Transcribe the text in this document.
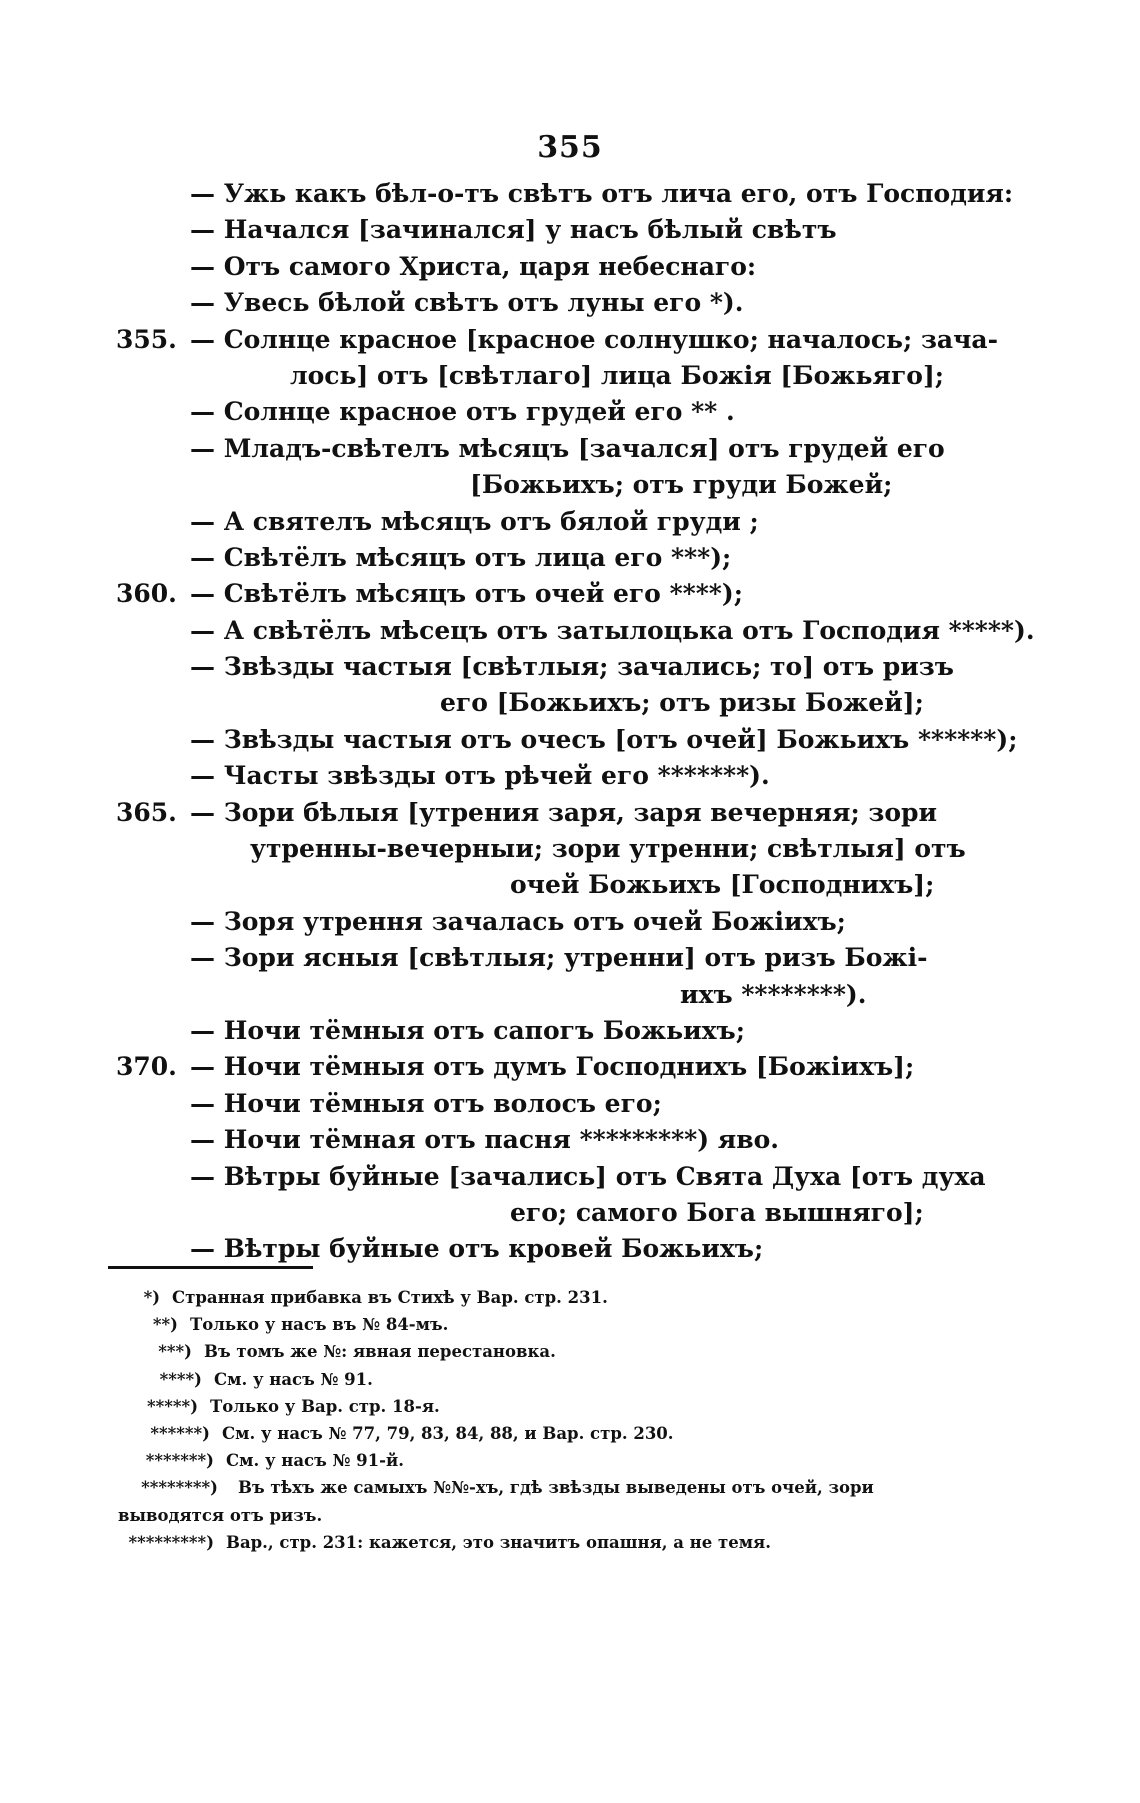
355
— Ужь какъ бѣл-о-тъ свѣтъ отъ лича его, отъ Господия:
— Начался [зачинался] у насъ бѣлый свѣтъ
— Отъ самого Христа, царя небеснаго:
— Увесь бѣлой свѣтъ отъ луны его *).
355. — Солнце красное [красное солнушко; началось; зача-
лось] отъ [свѣтлаго] лица Божія [Божьяго];
— Солнце красное отъ грудей его ** .
— Младъ-свѣтелъ мѣсяцъ [зачался] отъ грудей его
[Божьихъ; отъ груди Божей;
— А святелъ мѣсяцъ отъ бялой груди ;
— Свѣтёлъ мѣсяцъ отъ лица его ***);
360. — Свѣтёлъ мѣсяцъ отъ очей его ****);
— А свѣтёлъ мѣсецъ отъ затылоцька отъ Господия *****).
— Звѣзды частыя [свѣтлыя; зачались; то] отъ ризъ
его [Божьихъ; отъ ризы Божей];
— Звѣзды частыя отъ очесъ [отъ очей] Божьихъ ******);
— Часты звѣзды отъ рѣчей его *******).
365. — Зори бѣлыя [утрения заря, заря вечерняя; зори
утренны-вечерныи; зори утренни; свѣтлыя] отъ
очей Божьихъ [Господнихъ];
— Зоря утрення зачалась отъ очей Божіихъ;
— Зори ясныя [свѣтлыя; утренни] отъ ризъ Божі-
ихъ ********).
— Ночи тёмныя отъ сапогъ Божьихъ;
370. — Ночи тёмныя отъ думъ Господнихъ [Божіихъ];
— Ночи тёмныя отъ волосъ его;
— Ночи тёмная отъ пасня *********) яво.
— Вѣтры буйные [зачались] отъ Свята Духа [отъ духа
его; самого Бога вышняго];
— Вѣтры буйные отъ кровей Божьихъ;
*) Странная прибавка въ Стихѣ у Вар. стр. 231.
**) Только у насъ въ № 84-мъ.
***) Въ томъ же №: явная перестановка.
****) См. у насъ № 91.
*****) Только у Вар. стр. 18-я.
******) См. у насъ № 77, 79, 83, 84, 88, и Вар. стр. 230.
*******) См. у насъ № 91-й.
********) Въ тѣхъ же самыхъ №№-хъ, гдѣ звѣзды выведены отъ очей, зори
выводятся отъ ризъ.
*********) Вар., стр. 231: кажется, это значитъ опашня, а не темя.
